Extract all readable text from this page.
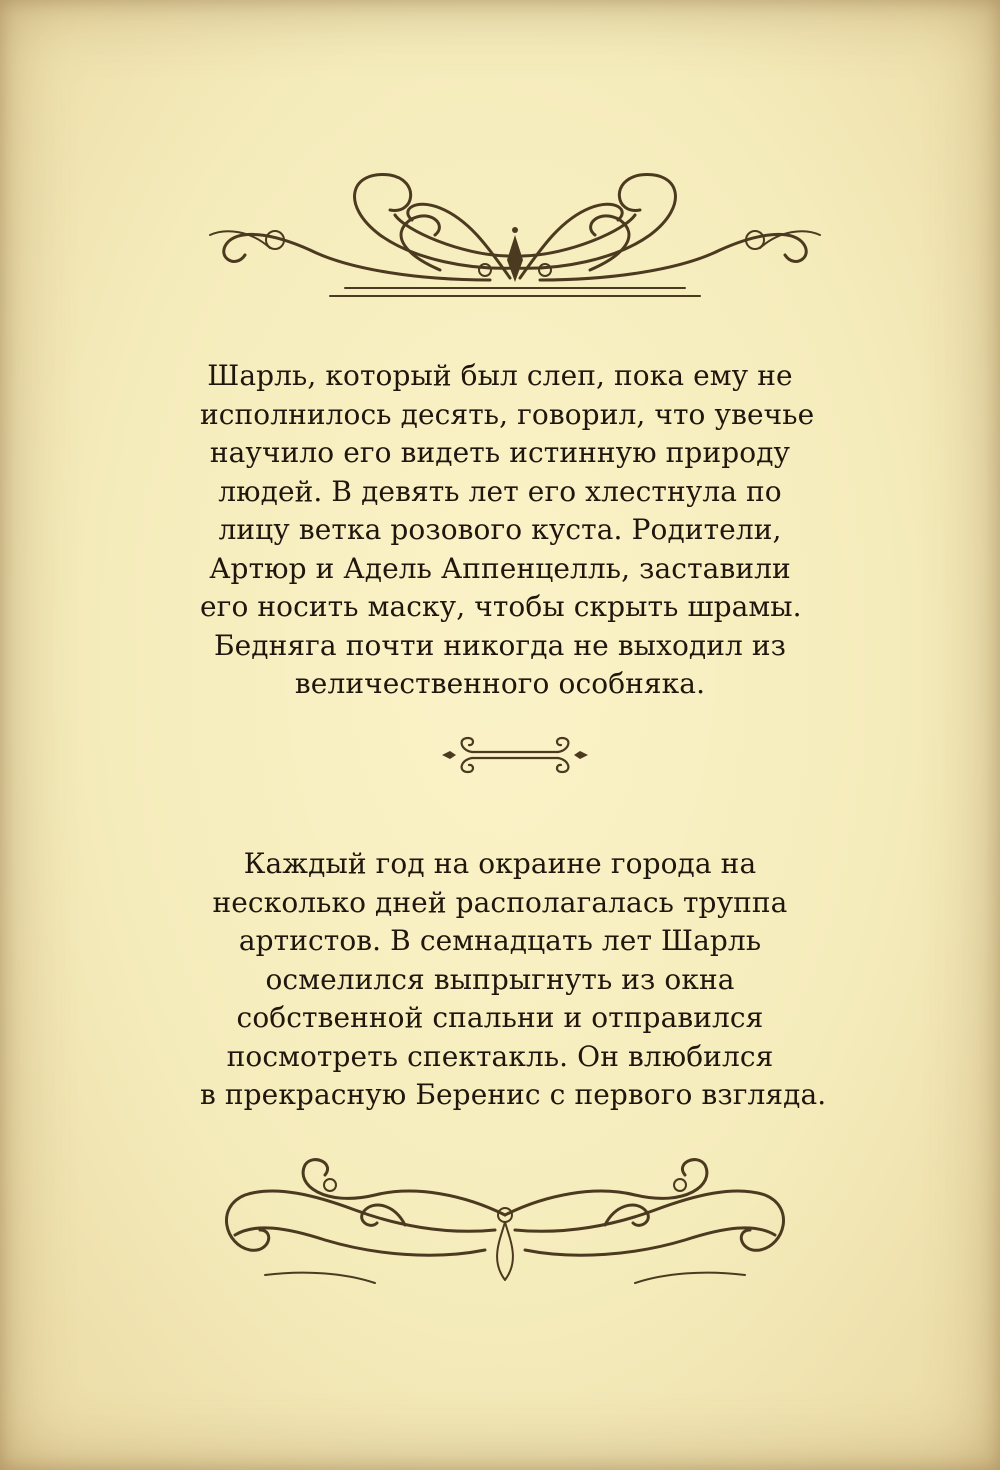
Шарль, который был слеп, пока ему не
исполнилось десять, говорил, что увечье
научило его видеть истинную природу
людей. В девять лет его хлестнула по
лицу ветка розового куста. Родители,
Артюр и Адель Аппенцелль, заставили
его носить маску, чтобы скрыть шрамы.
Бедняга почти никогда не выходил из
величественного особняка.

Каждый год на окраине города на
несколько дней располагалась труппа
артистов. В семнадцать лет Шарль
осмелился выпрыгнуть из окна
собственной спальни и отправился
посмотреть спектакль. Он влюбился
в прекрасную Беренис с первого взгляда.
